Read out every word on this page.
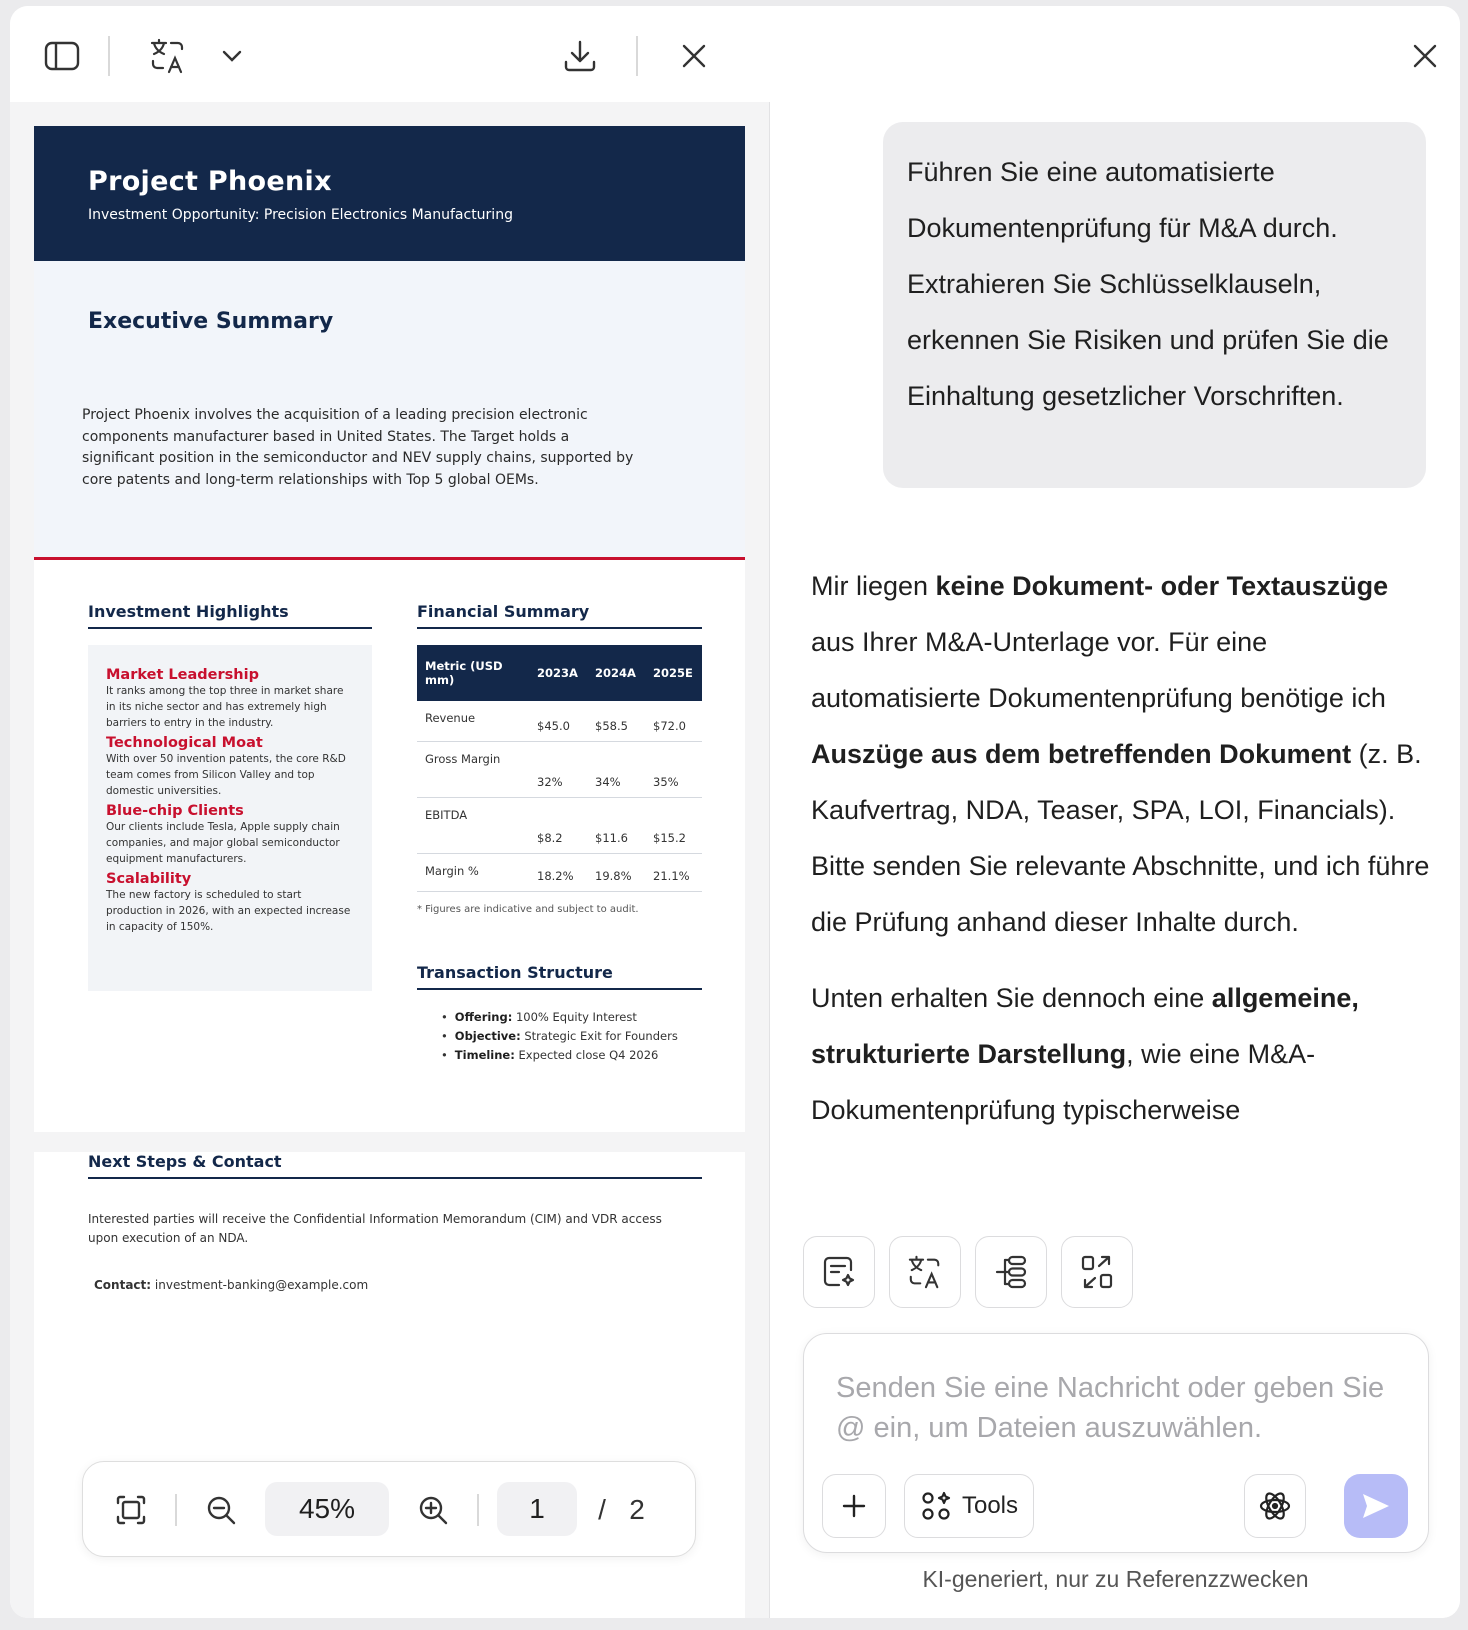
Project Phoenix
Investment Opportunity: Precision Electronics Manufacturing
Executive Summary

Project Phoenix involves the acquisition of a leading precision electronic components manufacturer based in United States. The Target holds a significant position in the semiconductor and NEV supply chains, supported by core patents and long-term relationships with Top 5 global OEMs.

Investment Highlights
Market Leadership

It ranks among the top three in market share in its niche sector and has extremely high barriers to entry in the industry.

Technological Moat

With over 50 invention patents, the core R&D team comes from Silicon Valley and top domestic universities.

Blue-chip Clients

Our clients include Tesla, Apple supply chain companies, and major global semiconductor equipment manufacturers.

Scalability

The new factory is scheduled to start production in 2026, with an expected increase in capacity of 150%.

Financial Summary
Metric (USD mm)	2023A	2024A	2025E
Revenue	$45.0	$58.5	$72.0
Gross Margin	32%	34%	35%
EBITDA	$8.2	$11.6	$15.2
Margin %	18.2%	19.8%	21.1%
* Figures are indicative and subject to audit.
Transaction Structure
• Offering: 100% Equity Interest
• Objective: Strategic Exit for Founders
• Timeline: Expected close Q4 2026
Next Steps & Contact
Interested parties will receive the Confidential Information Memorandum (CIM) and VDR access upon execution of an NDA.
Contact: investment-banking@example.com
45%	1	/ 2
Führen Sie eine automatisierte Dokumentenprüfung für M&A durch. Extrahieren Sie Schlüsselklauseln, erkennen Sie Risiken und prüfen Sie die Einhaltung gesetzlicher Vorschriften.

Mir liegen keine Dokument- oder Textauszüge aus Ihrer M&A-Unterlage vor. Für eine automatisierte Dokumentenprüfung benötige ich Auszüge aus dem betreffenden Dokument (z. B. Kaufvertrag, NDA, Teaser, SPA, LOI, Financials). Bitte senden Sie relevante Abschnitte, und ich führe die Prüfung anhand dieser Inhalte durch.

Unten erhalten Sie dennoch eine allgemeine, strukturierte Darstellung, wie eine M&A-Dokumentenprüfung typischerweise

Senden Sie eine Nachricht oder geben Sie @ ein, um Dateien auszuwählen.
Tools
KI-generiert, nur zu Referenzzwecken
